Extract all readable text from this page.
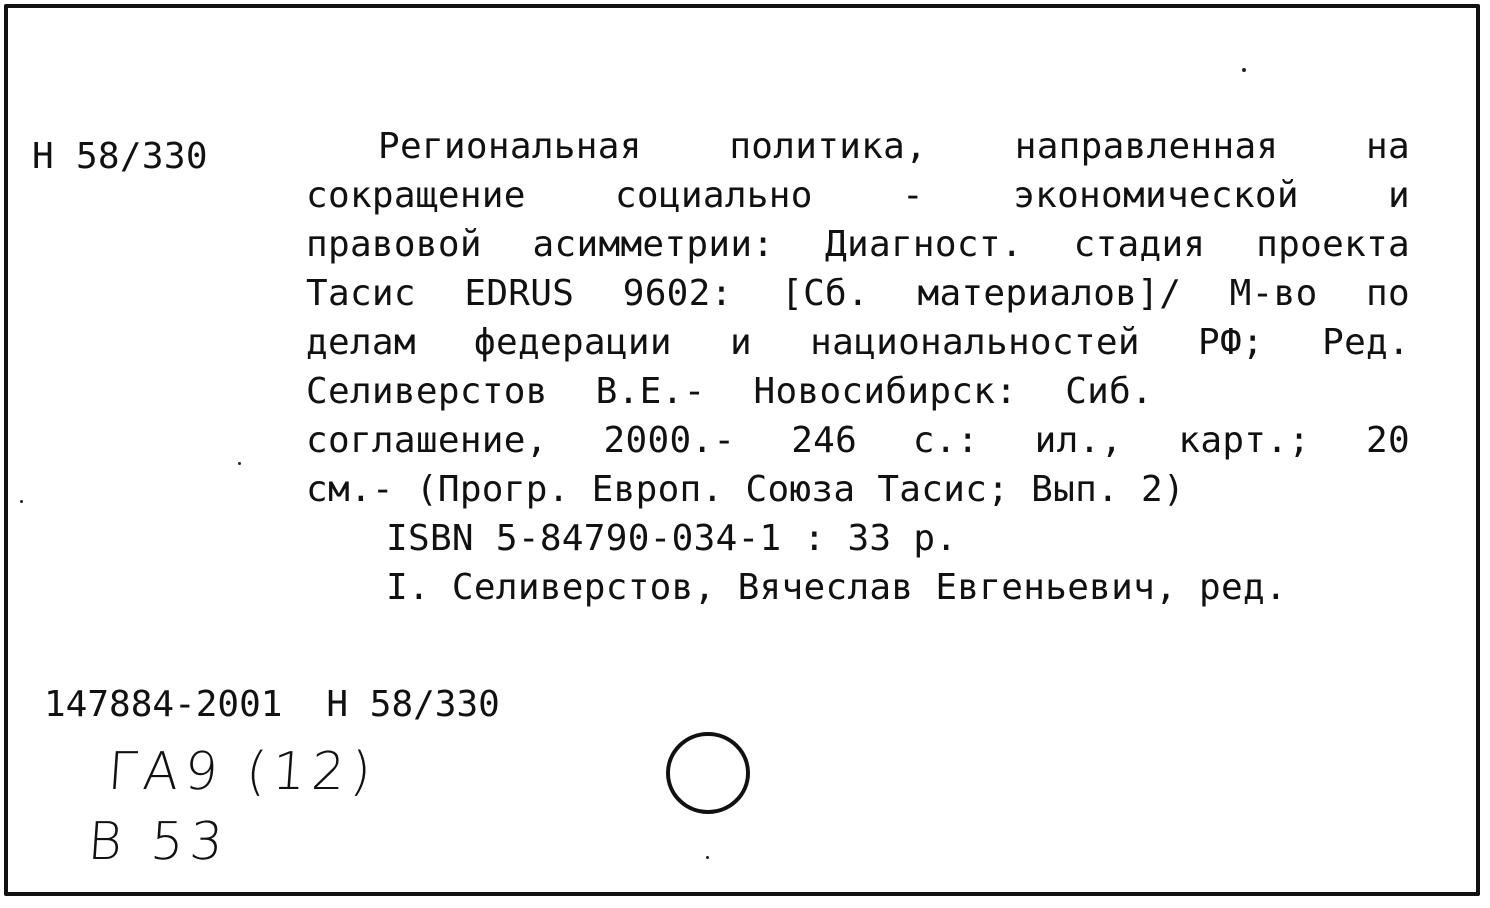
Н 58/330	Региональная политика, направленная на
сокращение социально - экономической и
правовой асимметрии: Диагност. стадия проекта
Тасис EDRUS 9602: [Сб. материалов]/ М-во по
делам федерации и национальностей РФ; Ред.
Селиверстов В.Е.- Новосибирск: Сиб.
соглашение, 2000.- 246 с.: ил., карт.; 20
см.- (Прогр. Европ. Союза Тасис; Вып. 2)
ISBN 5-84790-034-1 : 33 р.
I. Селиверстов, Вячеслав Евгеньевич, ред.
147884-2001 Н 58/330
ГА9 (12)
В 53
